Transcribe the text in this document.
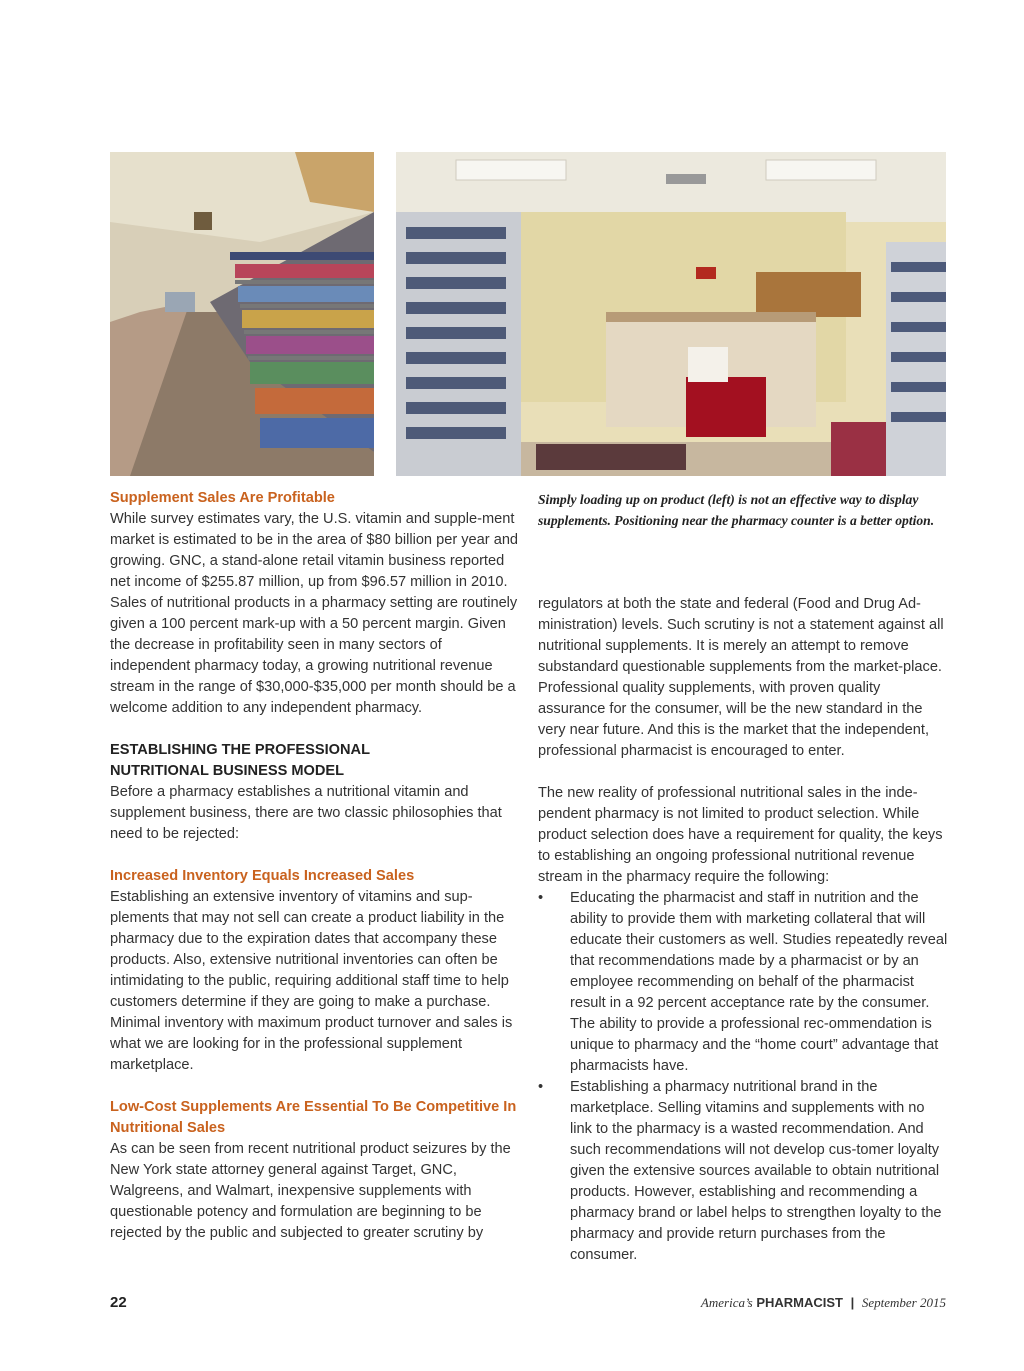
Supplement Sales Are Profitable
While survey estimates vary, the U.S. vitamin and supple-ment market is estimated to be in the area of $80 billion per year and growing. GNC, a stand-alone retail vitamin business reported net income of $255.87 million, up from $96.57 million in 2010. Sales of nutritional products in a pharmacy setting are routinely given a 100 percent mark-up with a 50 percent margin. Given the decrease in profitability seen in many sectors of independent pharmacy today, a growing nutritional revenue stream in the range of $30,000-$35,000 per month should be a welcome addition to any independent pharmacy.
ESTABLISHING THE PROFESSIONAL
NUTRITIONAL BUSINESS MODEL
Before a pharmacy establishes a nutritional vitamin and supplement business, there are two classic philosophies that need to be rejected:
Increased Inventory Equals Increased Sales
Establishing an extensive inventory of vitamins and sup-plements that may not sell can create a product liability in the pharmacy due to the expiration dates that accompany these products. Also, extensive nutritional inventories can often be intimidating to the public, requiring additional staff time to help customers determine if they are going to make a purchase. Minimal inventory with maximum product turnover and sales is what we are looking for in the professional supplement marketplace.
Low-Cost Supplements Are Essential To Be Competitive In Nutritional Sales
As can be seen from recent nutritional product seizures by the New York state attorney general against Target, GNC, Walgreens, and Walmart, inexpensive supplements with questionable potency and formulation are beginning to be rejected by the public and subjected to greater scrutiny by
Simply loading up on product (left) is not an effective way to display supplements. Positioning near the pharmacy counter is a better option.
regulators at both the state and federal (Food and Drug Ad-ministration) levels. Such scrutiny is not a statement against all nutritional supplements. It is merely an attempt to remove substandard questionable supplements from the market-place. Professional quality supplements, with proven quality assurance for the consumer, will be the new standard in the very near future. And this is the market that the independent, professional pharmacist is encouraged to enter.
The new reality of professional nutritional sales in the inde-pendent pharmacy is not limited to product selection. While product selection does have a requirement for quality, the keys to establishing an ongoing professional nutritional revenue stream in the pharmacy require the following:
• Educating the pharmacist and staff in nutrition and the ability to provide them with marketing collateral that will educate their customers as well. Studies repeatedly reveal that recommendations made by a pharmacist or by an employee recommending on behalf of the pharmacist result in a 92 percent acceptance rate by the consumer. The ability to provide a professional rec-ommendation is unique to pharmacy and the “home court” advantage that pharmacists have.
• Establishing a pharmacy nutritional brand in the marketplace. Selling vitamins and supplements with no link to the pharmacy is a wasted recommendation. And such recommendations will not develop cus-tomer loyalty given the extensive sources available to obtain nutritional products. However, establishing and recommending a pharmacy brand or label helps to strengthen loyalty to the pharmacy and provide return purchases from the consumer.
22	America’s PHARMACIST | September 2015
